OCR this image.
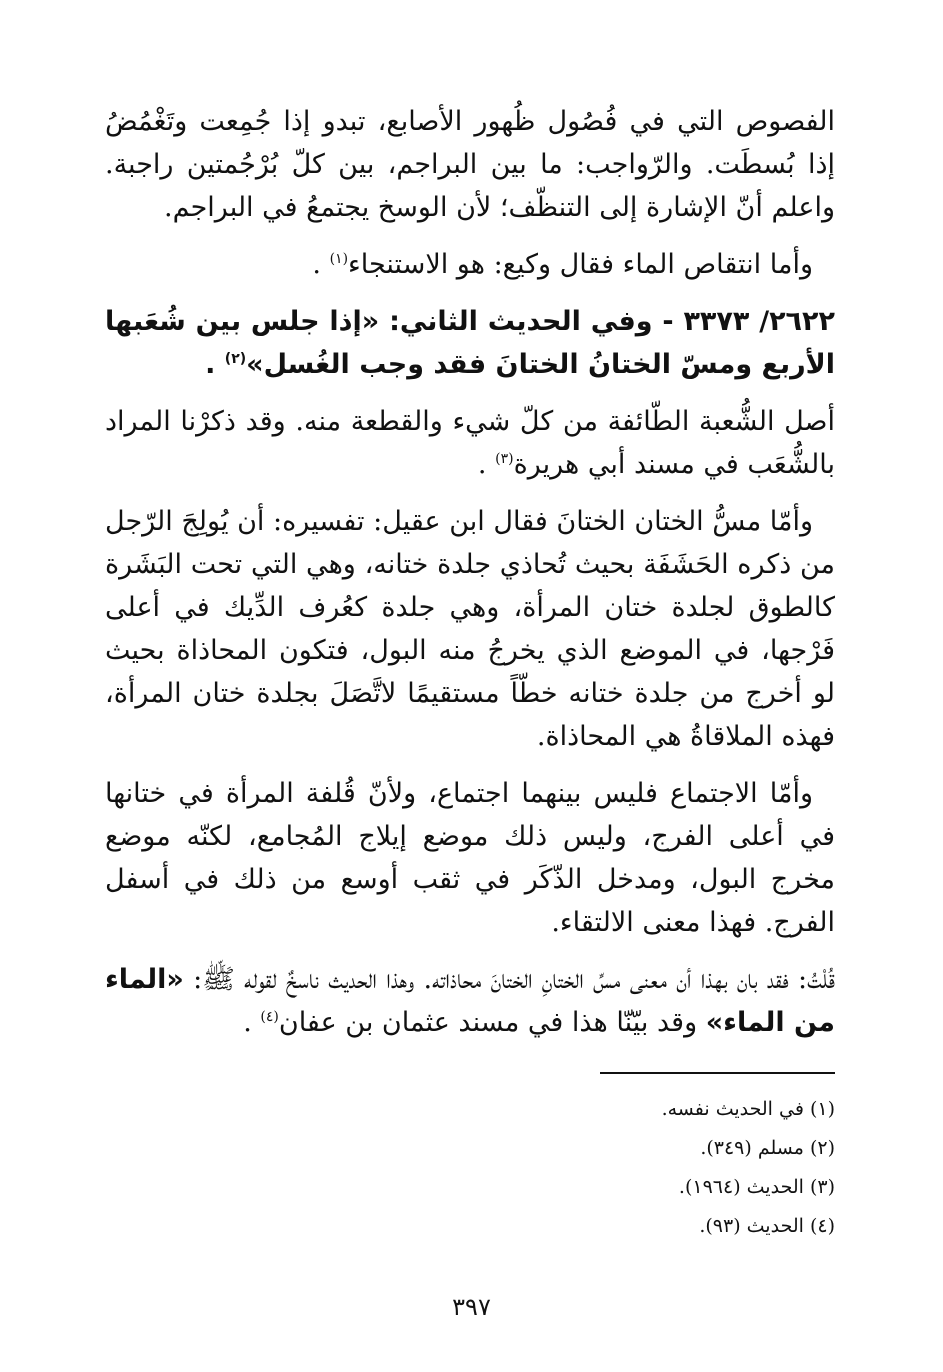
الفصوص التي في فُصُول ظُهور الأصابع، تبدو إذا جُمِعت وتَغْمُضُ إذا بُسطَت. والرّواجب: ما بين البراجم، بين كلّ بُرْجُمتين راجبة. واعلم أنّ الإشارة إلى التنظّف؛ لأن الوسخ يجتمعُ في البراجم.

وأما انتقاص الماء فقال وكيع: هو الاستنجاء$^{(١)}$ .

٢٦٢٢/ ٣٣٧٣ - وفي الحديث الثاني: «إذا جلس بين شُعَبها الأربع ومسّ الختانُ الختانَ فقد وجب الغُسل»$^{(٢)}$ .

أصل الشُّعبة الطّائفة من كلّ شيء والقطعة منه. وقد ذكرْنا المراد بالشُّعَب في مسند أبي هريرة$^{(٣)}$ .

وأمّا مسُّ الختان الختانَ فقال ابن عقيل: تفسيره: أن يُولِجَ الرّجل من ذكره الحَشَفَة بحيث تُحاذي جلدة ختانه، وهي التي تحت البَشَرة كالطوق لجلدة ختان المرأة، وهي جلدة كعُرف الدِّيك في أعلى فَرْجها، في الموضع الذي يخرجُ منه البول، فتكون المحاذاة بحيث لو أخرج من جلدة ختانه خطّاً مستقيمًا لاتَّصَلَ بجلدة ختان المرأة، فهذه الملاقاةُ هي المحاذاة.

وأمّا الاجتماع فليس بينهما اجتماع، ولأنّ قُلفة المرأة في ختانها في أعلى الفرج، وليس ذلك موضع إيلاج المُجامع، لكنّه موضع مخرج البول، ومدخل الذّكَر في ثقب أوسع من ذلك في أسفل الفرج. فهذا معنى الالتقاء.

قُلْتُ: فقد بان بهذا أن معنى مسِّ الختانِ الختانَ محاذاته. وهذا الحديث ناسخٌ لقوله ﷺ: «الماء من الماء» وقد بيّنّا هذا في مسند عثمان بن عفان$^{(٤)}$ .

(١) في الحديث نفسه.

(٢) مسلم (٣٤٩).

(٣) الحديث (١٩٦٤).

(٤) الحديث (٩٣).

٣٩٧
